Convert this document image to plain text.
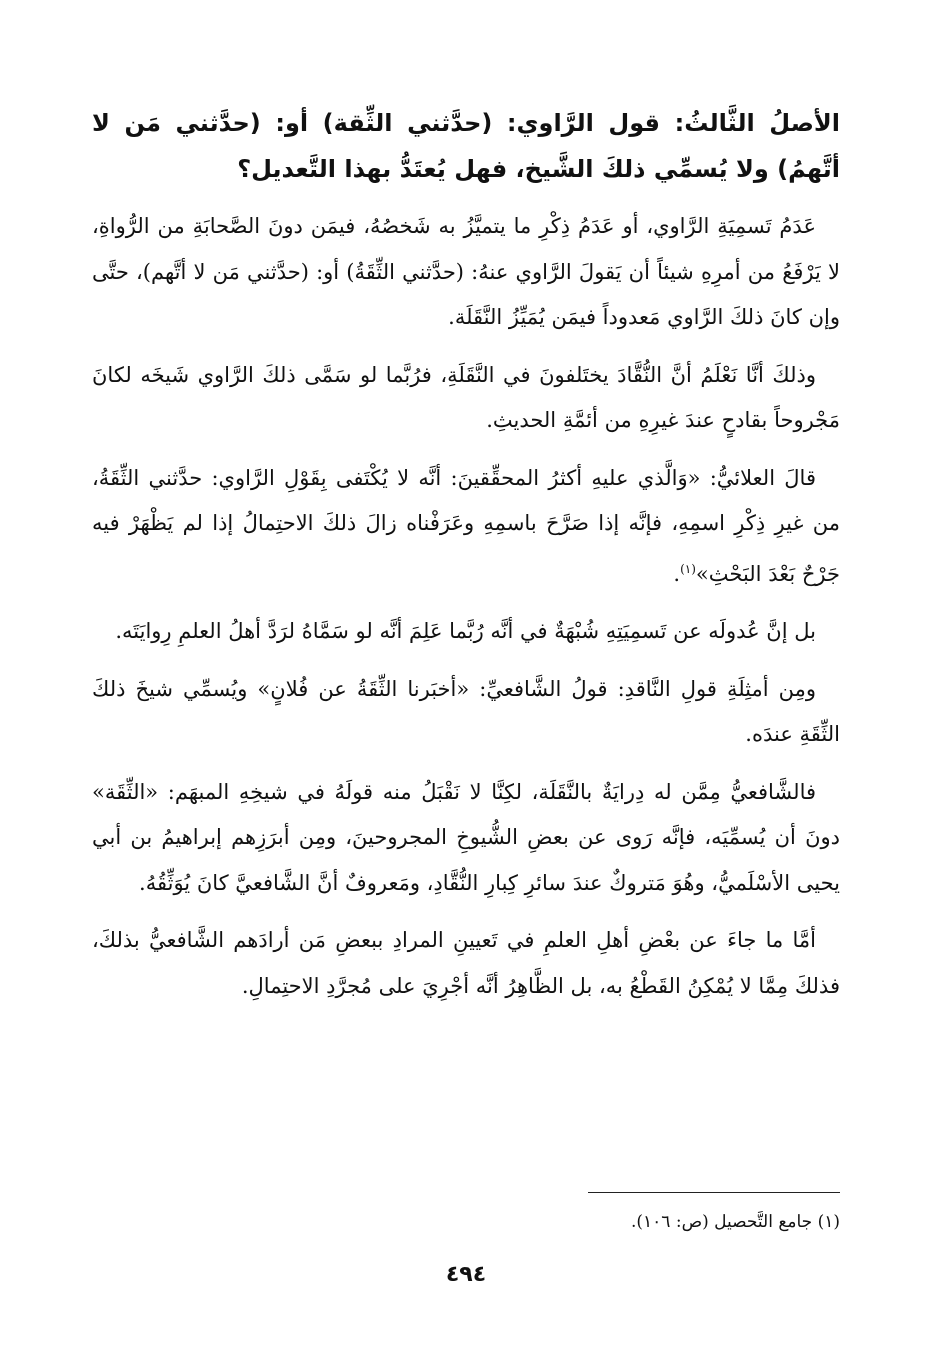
الأصلُ الثَّالثُ: قول الرَّاوي: (حدَّثني الثِّقة) أو: (حدَّثني مَن لا أتَّهمُ) ولا يُسمِّي ذلكَ الشَّيخ، فهل يُعتَدُّ بهذا التَّعديل؟

عَدَمُ تَسمِيَةِ الرَّاوي، أو عَدَمُ ذِكْرِ ما يتميَّزُ به شَخصُهُ، فيمَن دونَ الصَّحابَةِ من الرُّواةِ، لا يَرْفَعُ من أمرِهِ شيئاً أن يَقولَ الرَّاوي عنهُ: (حدَّثني الثِّقَةُ) أو: (حدَّثني مَن لا أتَّهم)، حتَّى وإن كانَ ذلكَ الرَّاوي مَعدوداً فيمَن يُمَيِّزُ النَّقَلَة.

وذلكَ أنَّا نَعْلَمُ أنَّ النُّقَّادَ يختَلفونَ في النَّقَلَةِ، فرُبَّما لو سَمَّى ذلكَ الرَّاوي شَيخَه لكانَ مَجْروحاً بقادحٍ عندَ غيرِهِ من أئمَّةِ الحديثِ.

قالَ العلائيُّ: «وَالَّذي عليهِ أكثرُ المحقِّقينَ: أنَّه لا يُكْتَفى بِقَوْلِ الرَّاوي: حدَّثني الثِّقَةُ، من غيرِ ذِكْرِ اسمِهِ، فإنَّه إذا صَرَّحَ باسمِهِ وعَرَفْناه زالَ ذلكَ الاحتِمالُ إذا لم يَظْهَرْ فيه جَرْحٌ بَعْدَ البَحْثِ»$^{(١)}$.

بل إنَّ عُدولَه عن تَسمِيَتِهِ شُبْهَةٌ في أنَّه رُبَّما عَلِمَ أنَّه لو سَمَّاهُ لرَدَّ أهلُ العلمِ رِوايَتَه.

ومِن أمثِلَةِ قولِ النَّاقدِ: قولُ الشَّافعيِّ: «أخبَرنا الثِّقَةُ عن فُلانٍ» ويُسمِّي شيخَ ذلكَ الثِّقَةِ عندَه.

فالشَّافعيُّ مِمَّن له دِرايَةٌ بالنَّقَلَة، لكِنَّا لا نَقْبَلُ منه قولَهُ في شيخِهِ المبهَم: «الثِّقَة» دونَ أن يُسمِّيَه، فإنَّه رَوى عن بعضِ الشُّيوخِ المجروحينَ، ومِن أبرَزِهم إبراهيمُ بن أبي يحيى الأسْلَميُّ، وهُوَ مَتروكٌ عندَ سائرِ كِبارِ النُّقَّادِ، ومَعروفٌ أنَّ الشَّافعيَّ كانَ يُوَثِّقُهُ.

أمَّا ما جاءَ عن بعْضِ أهلِ العلمِ في تَعيينِ المرادِ ببعضِ مَن أرادَهم الشَّافعيُّ بذلكَ، فذلكَ مِمَّا لا يُمْكِنُ القَطْعُ به، بل الظَّاهِرُ أنَّه أجْرِيَ على مُجرَّدِ الاحتِمالِ.

(١) جامع التَّحصيل (ص: ١٠٦).
٤٩٤
